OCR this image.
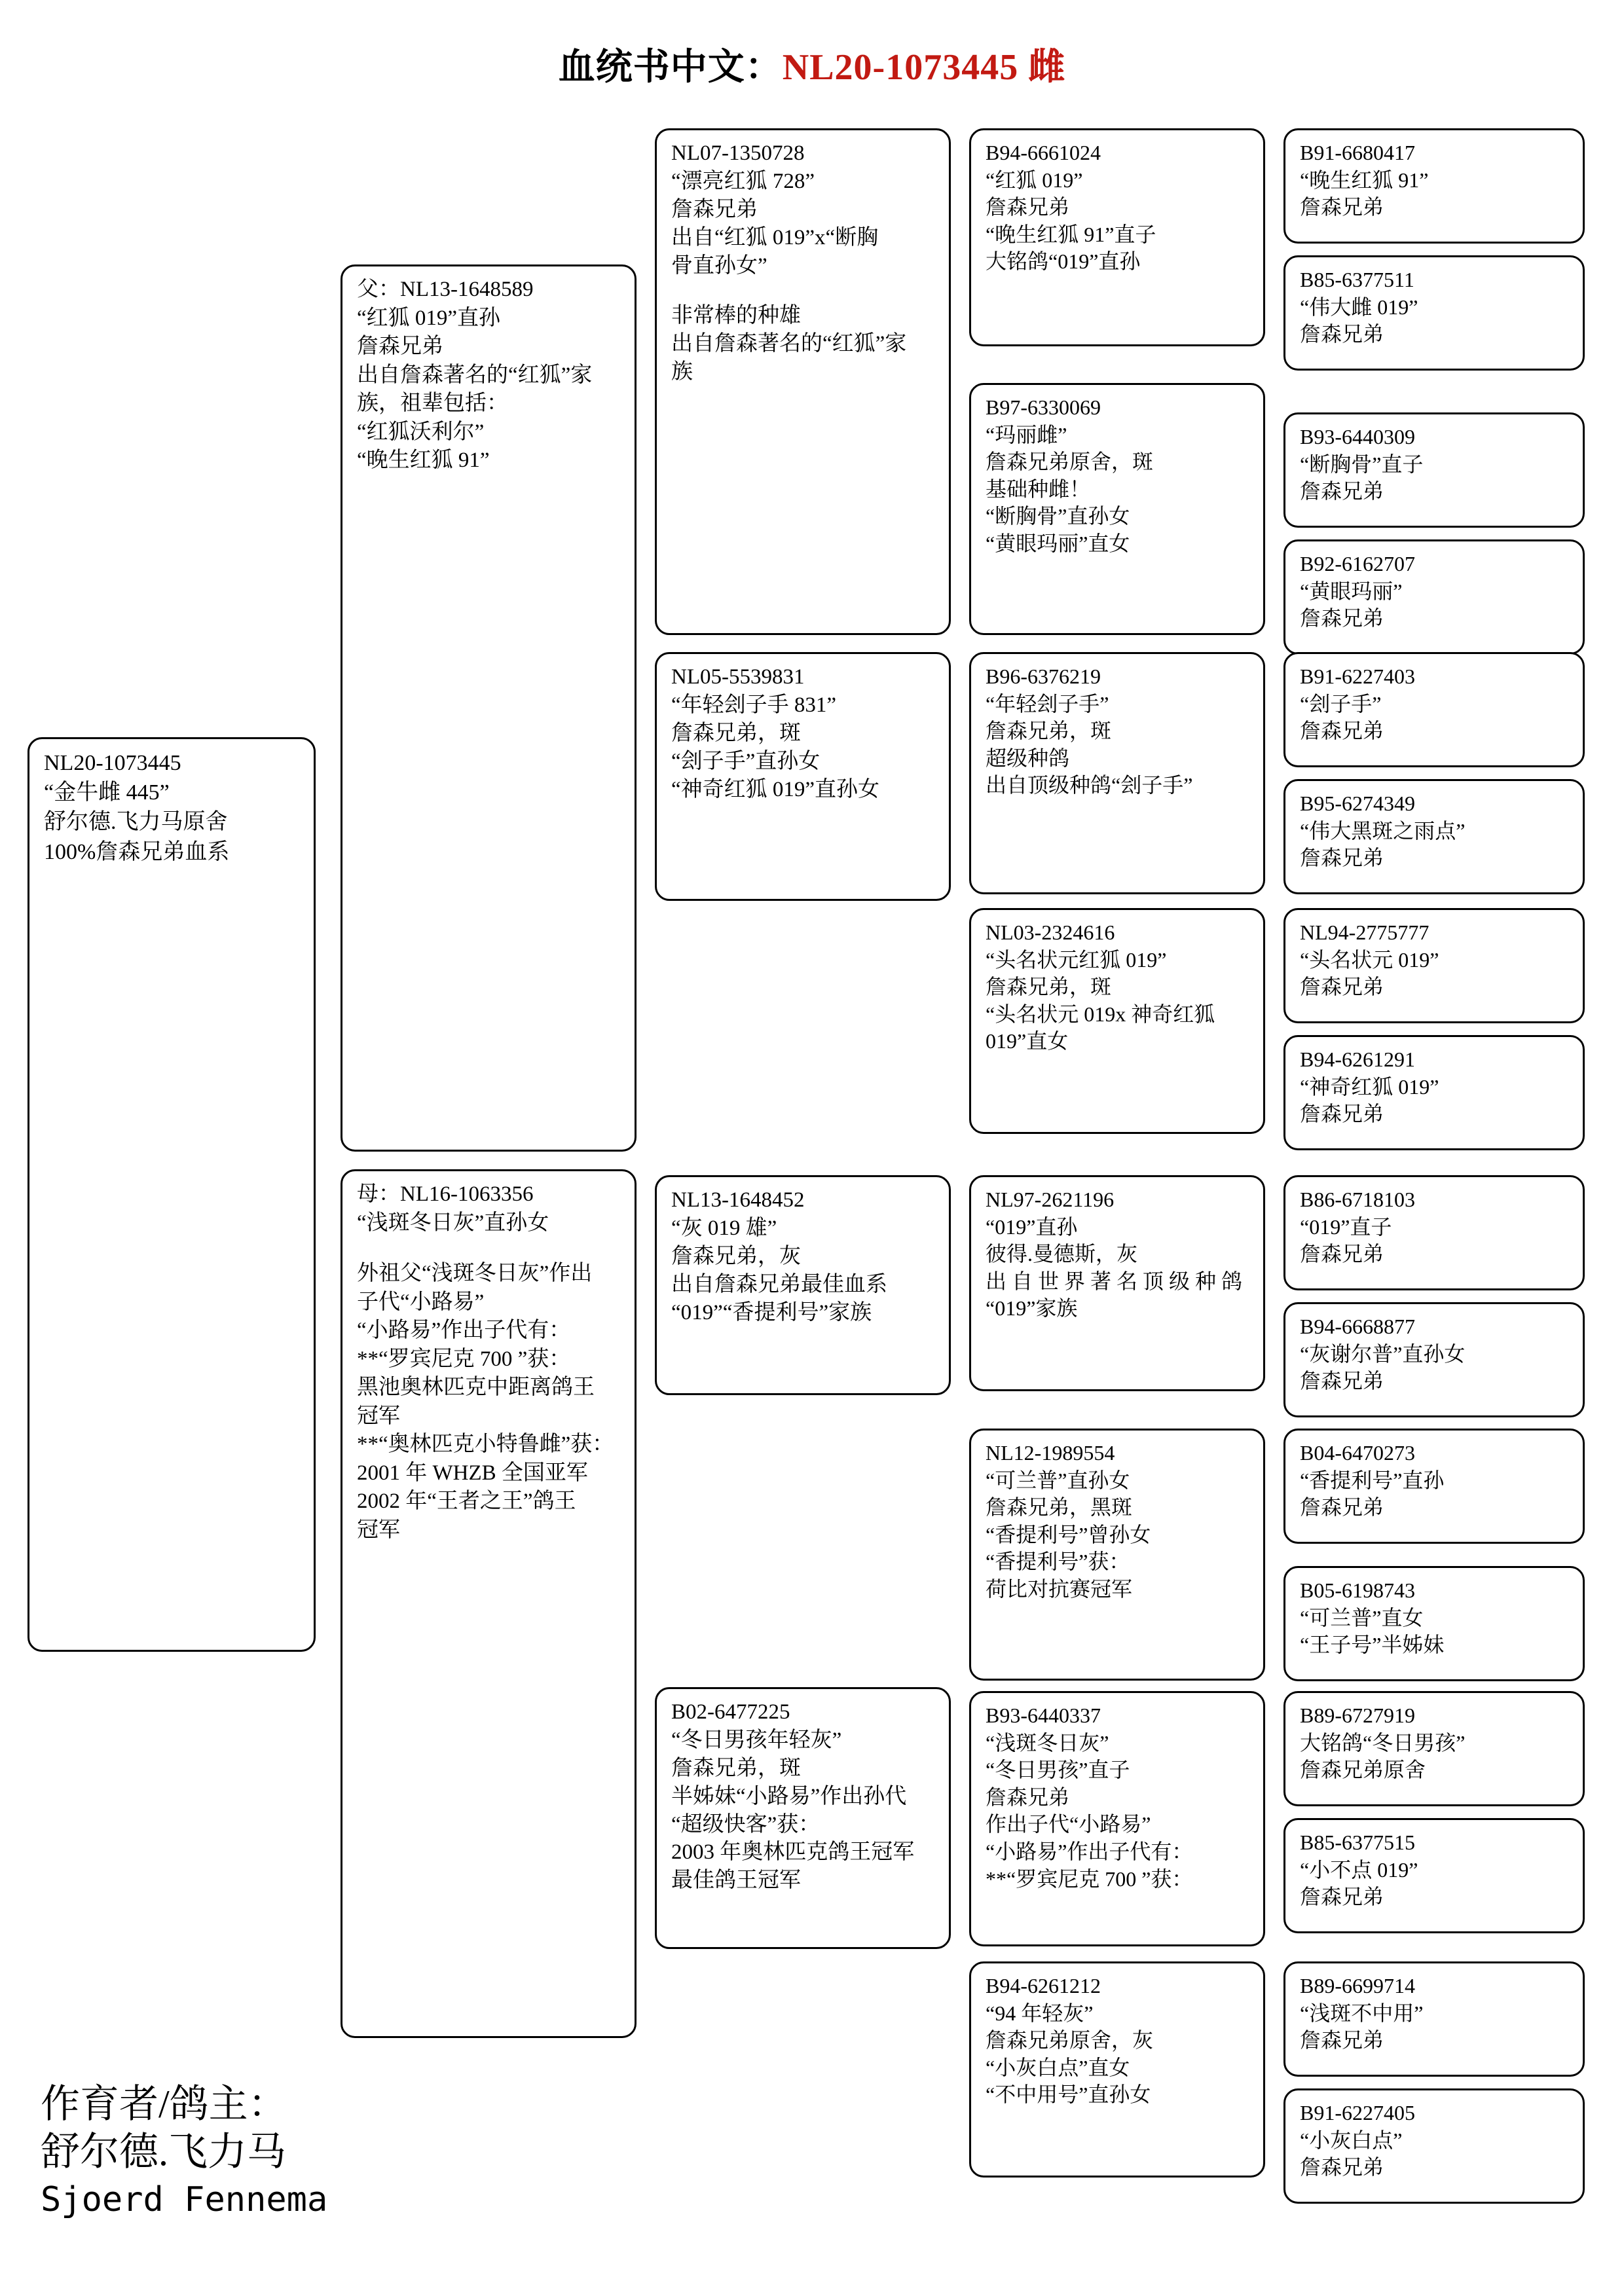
血统书中文：NL20-1073445 雌
NL20-1073445
“金牛雌 445”
舒尔德.飞力马原舍
100%詹森兄弟血系
父：NL13-1648589
“红狐 019”直孙
詹森兄弟
出自詹森著名的“红狐”家
族，祖辈包括：
“红狐沃利尔”
“晚生红狐 91”
母：NL16-1063356
“浅斑冬日灰”直孙女
外祖父“浅斑冬日灰”作出
子代“小路易”
“小路易”作出子代有：
**“罗宾尼克 700 ”获：
黑池奥林匹克中距离鸽王
冠军
**“奥林匹克小特鲁雌”获：
2001 年 WHZB 全国亚军
2002 年“王者之王”鸽王
冠军
NL07-1350728
“漂亮红狐 728”
詹森兄弟
出自“红狐 019”x“断胸
骨直孙女”
非常棒的种雄
出自詹森著名的“红狐”家
族
NL05-5539831
“年轻刽子手 831”
詹森兄弟，斑
“刽子手”直孙女
“神奇红狐 019”直孙女
NL13-1648452
“灰 019 雄”
詹森兄弟，灰
出自詹森兄弟最佳血系
“019”“香提利号”家族
B02-6477225
“冬日男孩年轻灰”
詹森兄弟，斑
半姊妹“小路易”作出孙代
“超级快客”获：
2003 年奥林匹克鸽王冠军
最佳鸽王冠军
B94-6661024
“红狐 019”
詹森兄弟
“晚生红狐 91”直子
大铭鸽“019”直孙
B97-6330069
“玛丽雌”
詹森兄弟原舍，斑
基础种雌！
“断胸骨”直孙女
“黄眼玛丽”直女
B96-6376219
“年轻刽子手”
詹森兄弟，斑
超级种鸽
出自顶级种鸽“刽子手”
NL03-2324616
“头名状元红狐 019”
詹森兄弟，斑
“头名状元 019x 神奇红狐
019”直女
NL97-2621196
“019”直孙
彼得.曼德斯，灰
出 自 世 界 著 名 顶 级 种 鸽
“019”家族
NL12-1989554
“可兰普”直孙女
詹森兄弟，黑斑
“香提利号”曾孙女
“香提利号”获：
荷比对抗赛冠军
B93-6440337
“浅斑冬日灰”
“冬日男孩”直子
詹森兄弟
作出子代“小路易”
“小路易”作出子代有：
**“罗宾尼克 700 ”获：
B94-6261212
“94 年轻灰”
詹森兄弟原舍，灰
“小灰白点”直女
“不中用号”直孙女
B91-6680417
“晚生红狐 91”
詹森兄弟
B85-6377511
“伟大雌 019”
詹森兄弟
B93-6440309
“断胸骨”直子
詹森兄弟
B92-6162707
“黄眼玛丽”
詹森兄弟
B91-6227403
“刽子手”
詹森兄弟
B95-6274349
“伟大黑斑之雨点”
詹森兄弟
NL94-2775777
“头名状元 019”
詹森兄弟
B94-6261291
“神奇红狐 019”
詹森兄弟
B86-6718103
“019”直子
詹森兄弟
B94-6668877
“灰谢尔普”直孙女
詹森兄弟
B04-6470273
“香提利号”直孙
詹森兄弟
B05-6198743
“可兰普”直女
“王子号”半姊妹
B89-6727919
大铭鸽“冬日男孩”
詹森兄弟原舍
B85-6377515
“小不点 019”
詹森兄弟
B89-6699714
“浅斑不中用”
詹森兄弟
B91-6227405
“小灰白点”
詹森兄弟
作育者/鸽主：
舒尔德.飞力马
Sjoerd Fennema
